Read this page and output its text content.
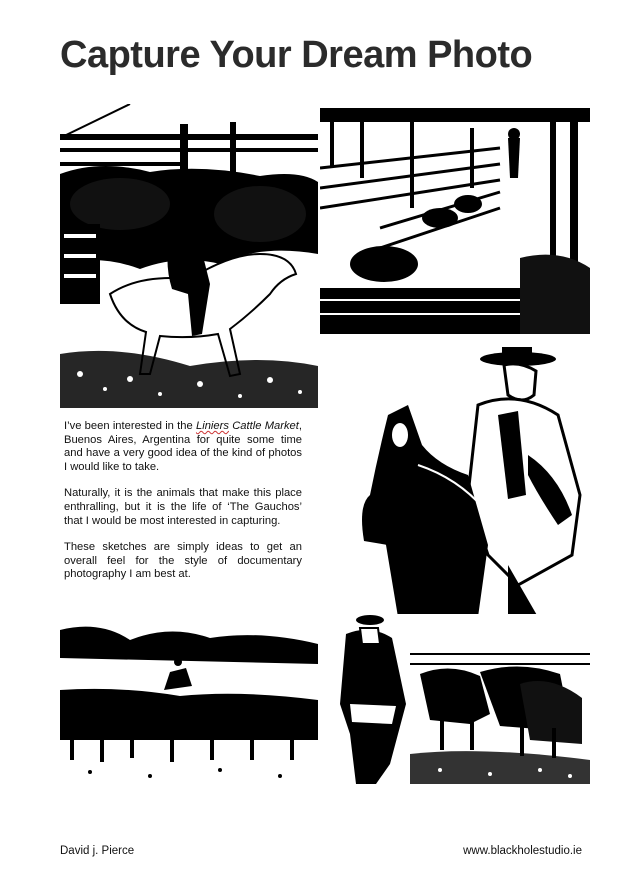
Capture Your Dream Photo

I’ve been interested in the Liniers Cattle Market, Buenos Aires, Argentina for quite some time and have a very good idea of the kind of photos I would like to take.

Naturally, it is the animals that make this place enthralling, but it is the life of ‘The Gauchos’ that I would be most interested in capturing.

These sketches are simply ideas to get an overall feel for the style of documentary photography I am best at.

David j. Pierce	www.blackholestudio.ie
